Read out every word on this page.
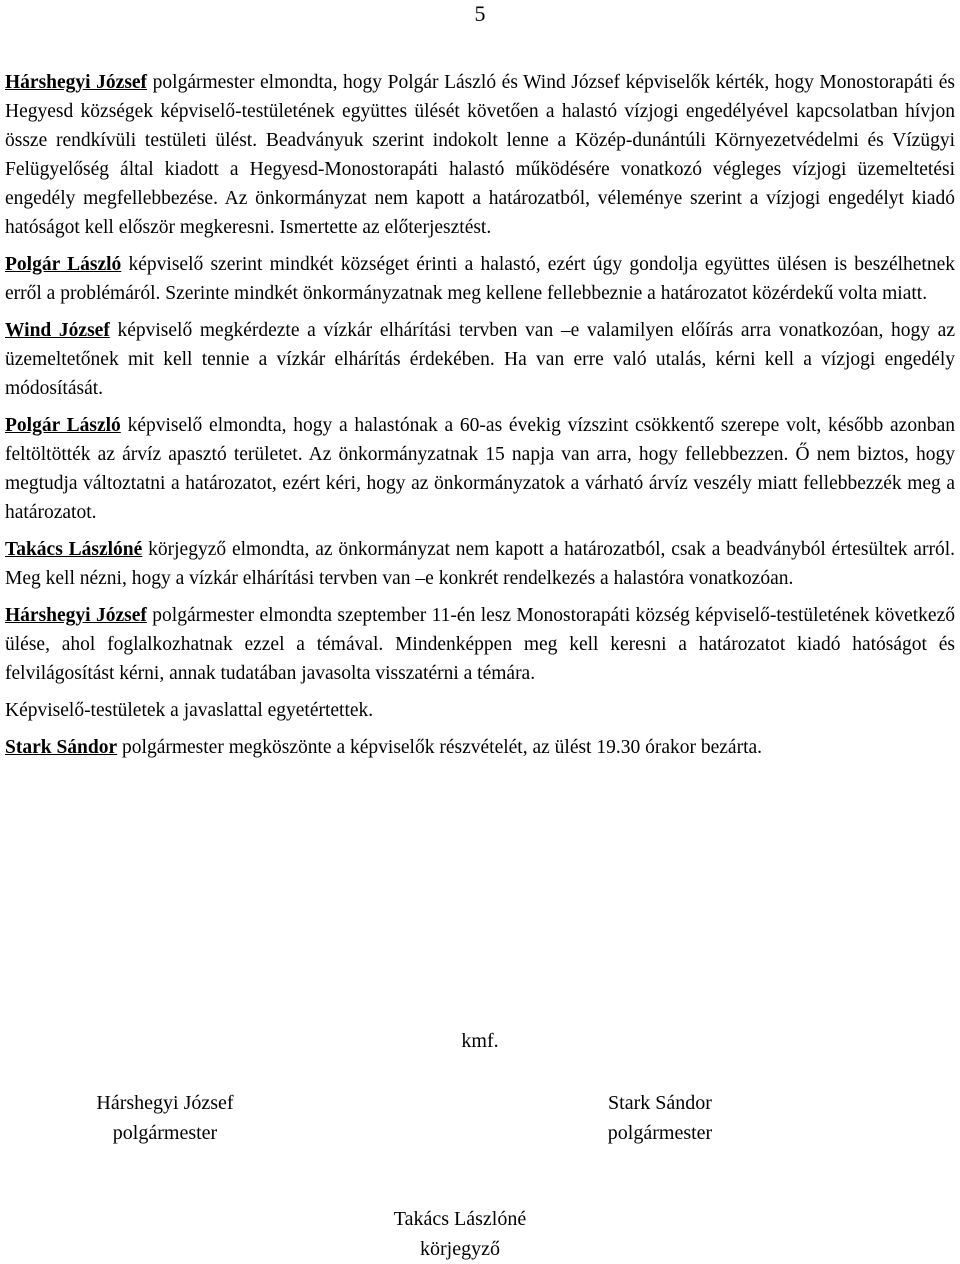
5

Hárshegyi József polgármester elmondta, hogy Polgár László és Wind József képviselők kérték, hogy Monostorapáti és Hegyesd községek képviselő-testületének együttes ülését követően a halastó vízjogi engedélyével kapcsolatban hívjon össze rendkívüli testületi ülést. Beadványuk szerint indokolt lenne a Közép-dunántúli Környezetvédelmi és Vízügyi Felügyelőség által kiadott a Hegyesd-Monostorapáti halastó működésére vonatkozó végleges vízjogi üzemeltetési engedély megfellebbezése. Az önkormányzat nem kapott a határozatból, véleménye szerint a vízjogi engedélyt kiadó hatóságot kell először megkeresni. Ismertette az előterjesztést.

Polgár László képviselő szerint mindkét községet érinti a halastó, ezért úgy gondolja együttes ülésen is beszélhetnek erről a problémáról. Szerinte mindkét önkormányzatnak meg kellene fellebbeznie a határozatot közérdekű volta miatt.

Wind József képviselő megkérdezte a vízkár elhárítási tervben van –e valamilyen előírás arra vonatkozóan, hogy az üzemeltetőnek mit kell tennie a vízkár elhárítás érdekében. Ha van erre való utalás, kérni kell a vízjogi engedély módosítását.

Polgár László képviselő elmondta, hogy a halastónak a 60-as évekig vízszint csökkentő szerepe volt, később azonban feltöltötték az árvíz apasztó területet. Az önkormányzatnak 15 napja van arra, hogy fellebbezzen. Ő nem biztos, hogy megtudja változtatni a határozatot, ezért kéri, hogy az önkormányzatok a várható árvíz veszély miatt fellebbezzék meg a határozatot.

Takács Lászlóné körjegyző elmondta, az önkormányzat nem kapott a határozatból, csak a beadványból értesültek arról. Meg kell nézni, hogy a vízkár elhárítási tervben van –e konkrét rendelkezés a halastóra vonatkozóan.

Hárshegyi József polgármester elmondta szeptember 11-én lesz Monostorapáti község képviselő-testületének következő ülése, ahol foglalkozhatnak ezzel a témával. Mindenképpen meg kell keresni a határozatot kiadó hatóságot és felvilágosítást kérni, annak tudatában javasolta visszatérni a témára.

Képviselő-testületek a javaslattal egyetértettek.

Stark Sándor polgármester megköszönte a képviselők részvételét, az ülést 19.30 órakor bezárta.

kmf.
Hárshegyi József
polgármester
Stark Sándor
polgármester
Takács Lászlóné
körjegyző
